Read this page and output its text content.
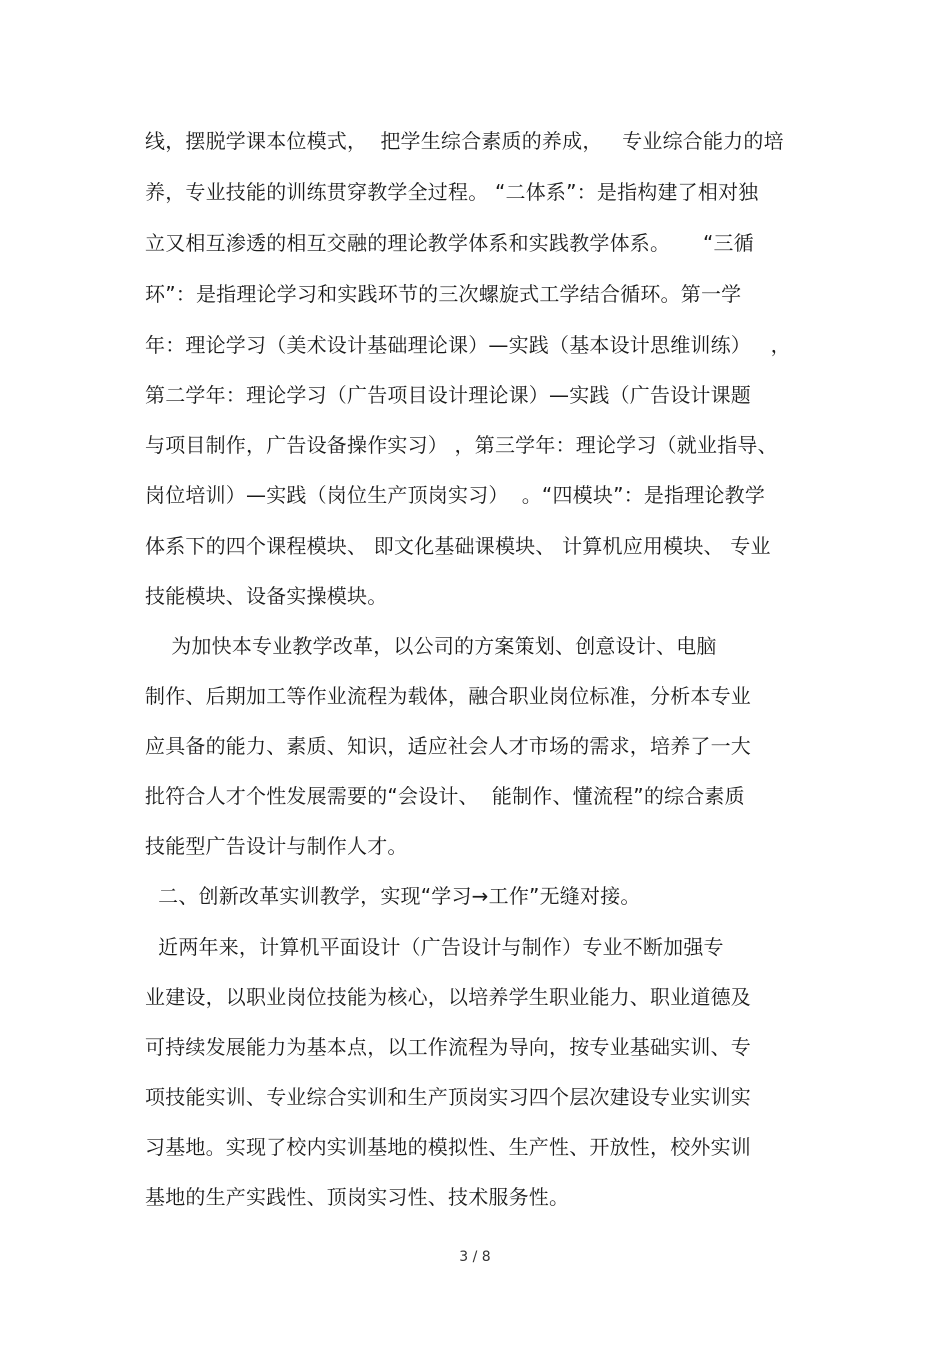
线，摆脱学课本位模式，  把学生综合素质的养成，   专业综合能力的培
养，专业技能的训练贯穿教学全过程。 “二体系”：是指构建了相对独
立又相互渗透的相互交融的理论教学体系和实践教学体系。     “三循
环”：是指理论学习和实践环节的三次螺旋式工学结合循环。第一学
年：理论学习（美术设计基础理论课）—实践（基本设计思维训练）   ，
第二学年：理论学习（广告项目设计理论课）—实践（广告设计课题
与项目制作，广告设备操作实习） ，第三学年：理论学习（就业指导、
岗位培训）—实践（岗位生产顶岗实习）  。“四模块”：是指理论教学
体系下的四个课程模块、 即文化基础课模块、 计算机应用模块、 专业
技能模块、设备实操模块。
为加快本专业教学改革，以公司的方案策划、创意设计、电脑
制作、后期加工等作业流程为载体，融合职业岗位标准，分析本专业
应具备的能力、素质、知识，适应社会人才市场的需求，培养了一大
批符合人才个性发展需要的“会设计、  能制作、懂流程”的综合素质
技能型广告设计与制作人才。
二、创新改革实训教学，实现“学习→工作”无缝对接。
近两年来，计算机平面设计（广告设计与制作）专业不断加强专
业建设，以职业岗位技能为核心，以培养学生职业能力、职业道德及
可持续发展能力为基本点，以工作流程为导向，按专业基础实训、专
项技能实训、专业综合实训和生产顶岗实习四个层次建设专业实训实
习基地。实现了校内实训基地的模拟性、生产性、开放性，校外实训
基地的生产实践性、顶岗实习性、技术服务性。
3 / 8
